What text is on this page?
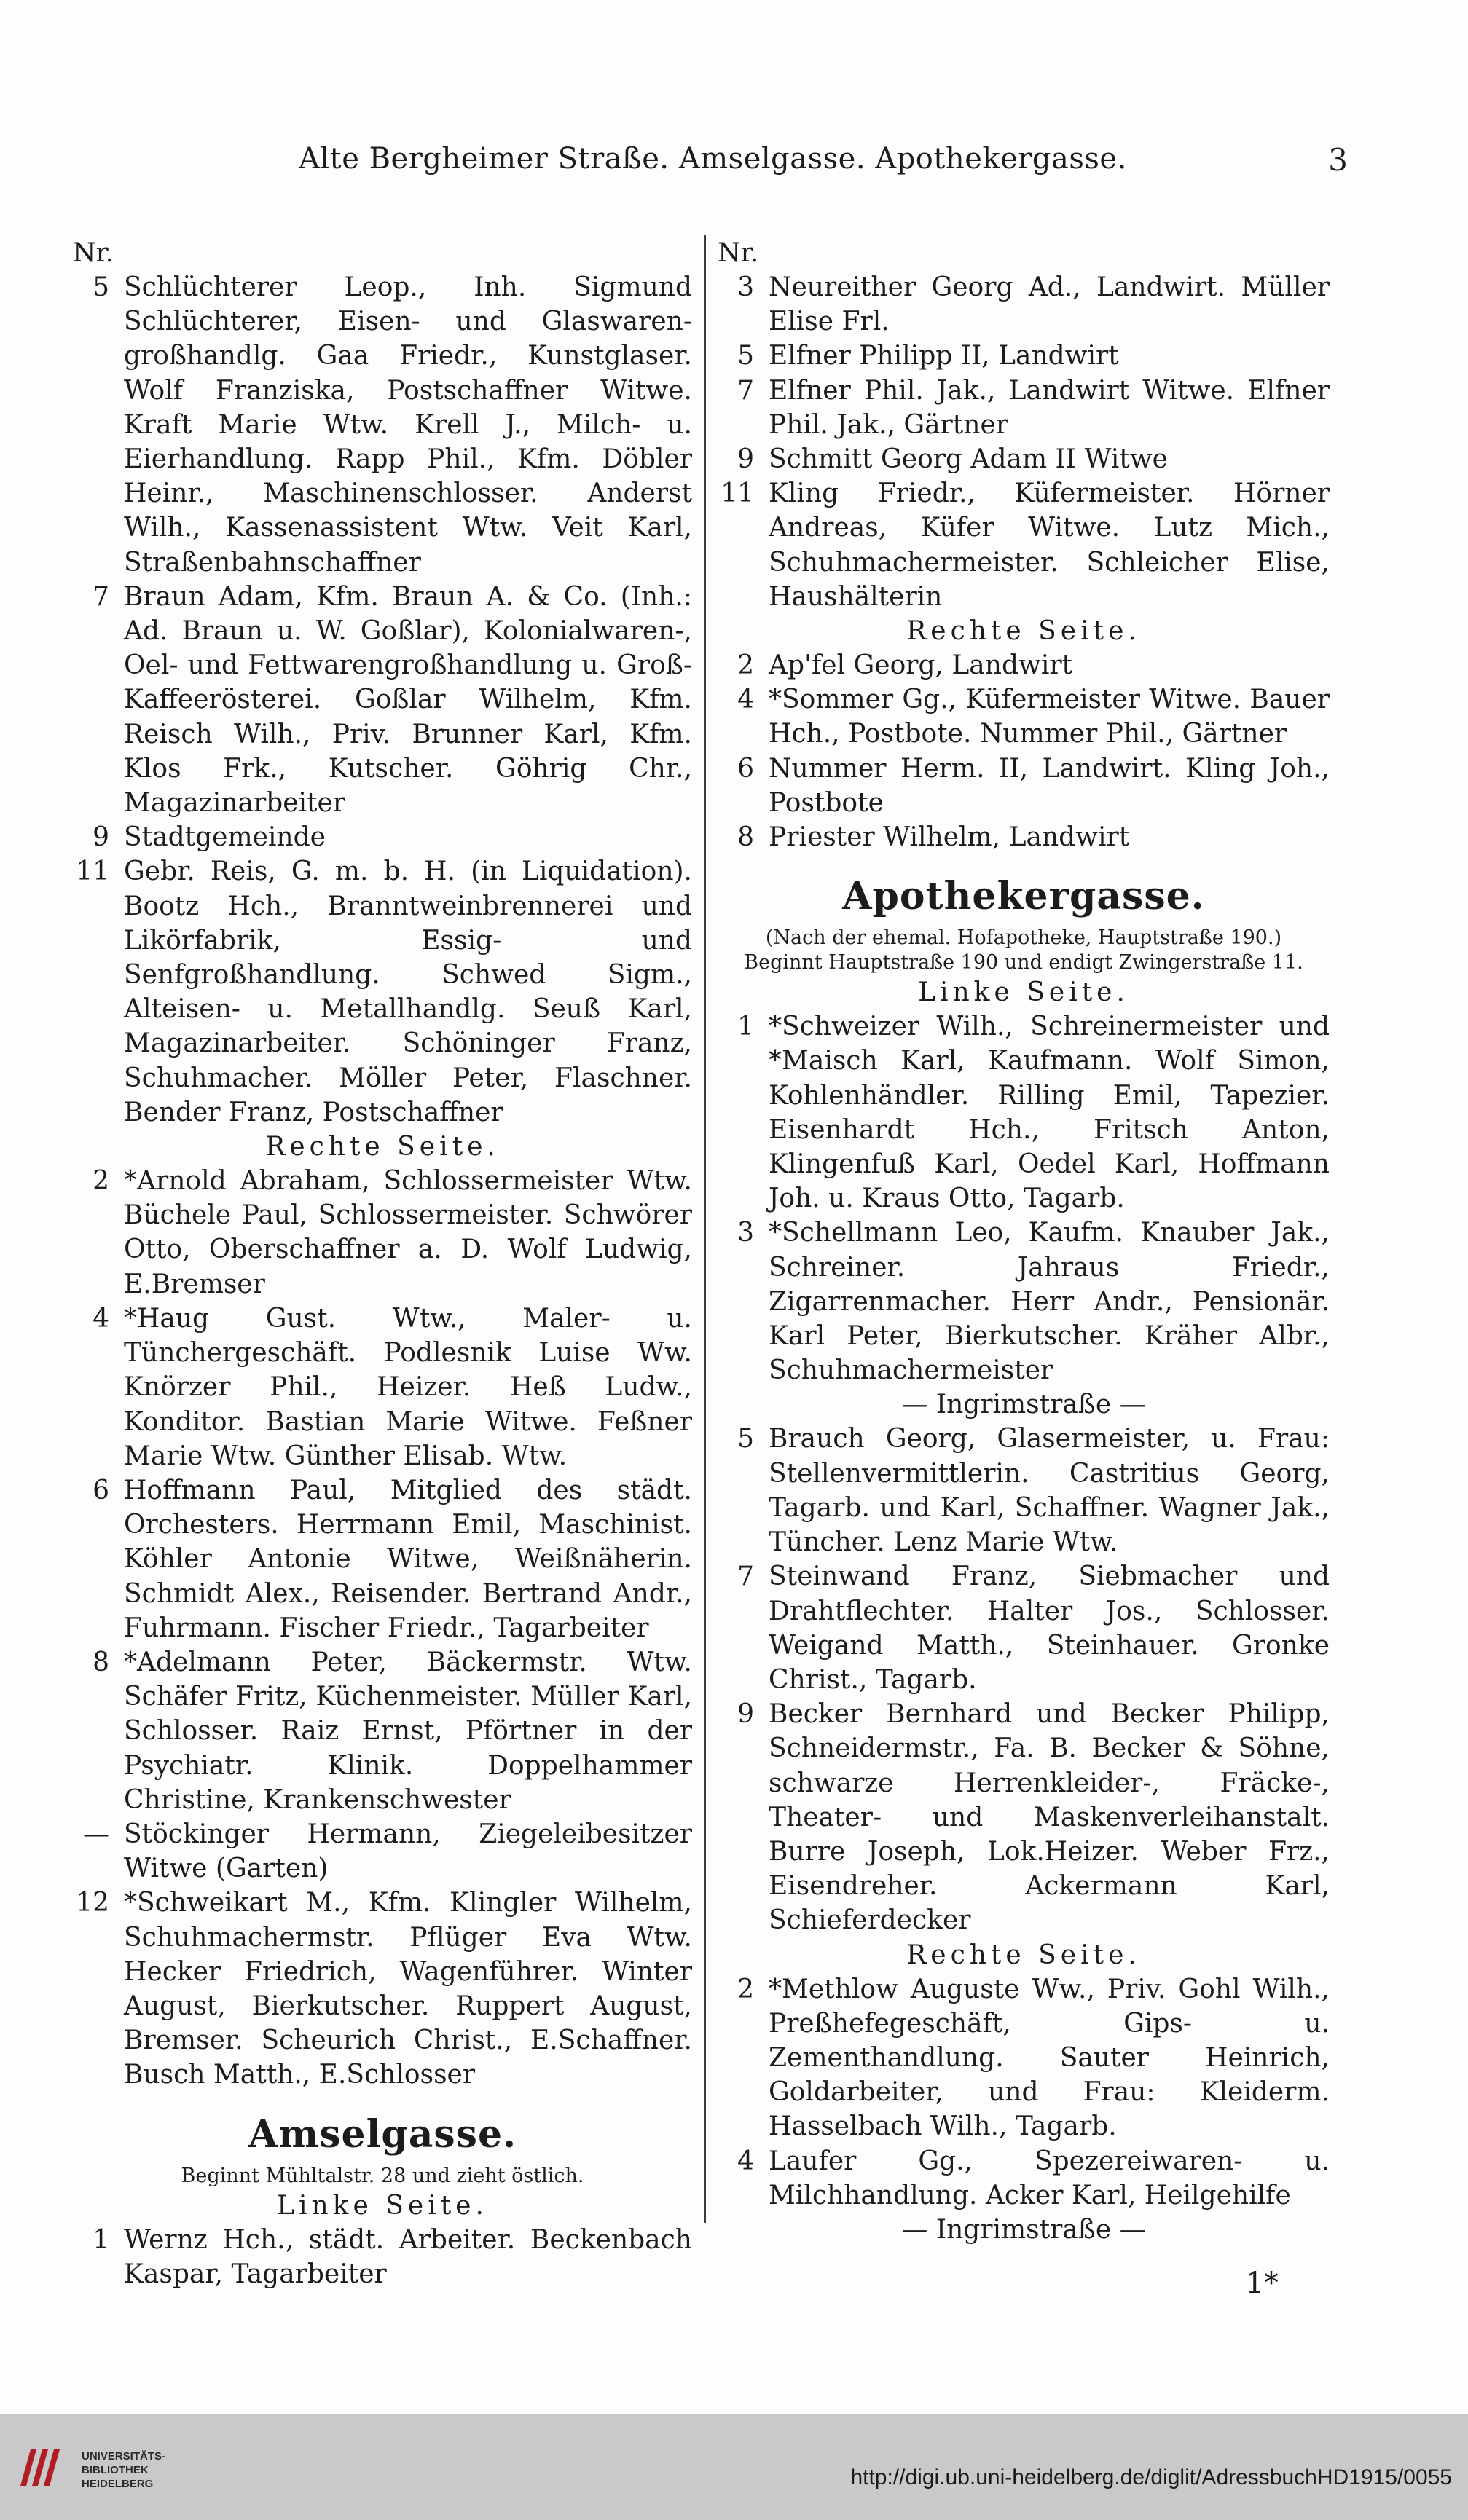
Alte Bergheimer Straße. Amselgasse. Apothekergasse.	3
Nr.
5 Schlüchterer Leop., Inh. Sigmund Schlüchterer, Eisen- und Glaswaren-großhandlg. Gaa Friedr., Kunstglaser. Wolf Franziska, Postschaffner Witwe. Kraft Marie Wtw. Krell J., Milch- u. Eierhandlung. Rapp Phil., Kfm. Döbler Heinr., Maschinenschlosser. Anderst Wilh., Kassenassistent Wtw. Veit Karl, Straßenbahnschaffner
7 Braun Adam, Kfm. Braun A. & Co. (Inh.: Ad. Braun u. W. Goßlar), Kolonialwaren-, Oel- und Fettwarengroßhandlung u. Groß-Kaffeerösterei. Goßlar Wilhelm, Kfm. Reisch Wilh., Priv. Brunner Karl, Kfm. Klos Frk., Kutscher. Göhrig Chr., Magazinarbeiter
9 Stadtgemeinde
11 Gebr. Reis, G. m. b. H. (in Liquidation). Bootz Hch., Branntweinbrennerei und Likörfabrik, Essig- und Senfgroßhandlung. Schwed Sigm., Alteisen- u. Metallhandlg. Seuß Karl, Magazinarbeiter. Schöninger Franz, Schuhmacher. Möller Peter, Flaschner. Bender Franz, Postschaffner
Rechte Seite.
2 *Arnold Abraham, Schlossermeister Wtw. Büchele Paul, Schlossermeister. Schwörer Otto, Oberschaffner a. D. Wolf Ludwig, E.Bremser
4 *Haug Gust. Wtw., Maler- u. Tünchergeschäft. Podlesnik Luise Ww. Knörzer Phil., Heizer. Heß Ludw., Konditor. Bastian Marie Witwe. Feßner Marie Wtw. Günther Elisab. Wtw.
6 Hoffmann Paul, Mitglied des städt. Orchesters. Herrmann Emil, Maschinist. Köhler Antonie Witwe, Weißnäherin. Schmidt Alex., Reisender. Bertrand Andr., Fuhrmann. Fischer Friedr., Tagarbeiter
8 *Adelmann Peter, Bäckermstr. Wtw. Schäfer Fritz, Küchenmeister. Müller Karl, Schlosser. Raiz Ernst, Pförtner in der Psychiatr. Klinik. Doppelhammer Christine, Krankenschwester
— Stöckinger Hermann, Ziegeleibesitzer Witwe (Garten)
12 *Schweikart M., Kfm. Klingler Wilhelm, Schuhmachermstr. Pflüger Eva Wtw. Hecker Friedrich, Wagenführer. Winter August, Bierkutscher. Ruppert August, Bremser. Scheurich Christ., E.Schaffner. Busch Matth., E.Schlosser
Amselgasse.
Beginnt Mühltalstr. 28 und zieht östlich.
Linke Seite.
1 Wernz Hch., städt. Arbeiter. Beckenbach Kaspar, Tagarbeiter
Nr.
3 Neureither Georg Ad., Landwirt. Müller Elise Frl.
5 Elfner Philipp II, Landwirt
7 Elfner Phil. Jak., Landwirt Witwe. Elfner Phil. Jak., Gärtner
9 Schmitt Georg Adam II Witwe
11 Kling Friedr., Küfermeister. Hörner Andreas, Küfer Witwe. Lutz Mich., Schuhmachermeister. Schleicher Elise, Haushälterin
Rechte Seite.
2 Ap'fel Georg, Landwirt
4 *Sommer Gg., Küfermeister Witwe. Bauer Hch., Postbote. Nummer Phil., Gärtner
6 Nummer Herm. II, Landwirt. Kling Joh., Postbote
8 Priester Wilhelm, Landwirt
Apothekergasse.
(Nach der ehemal. Hofapotheke, Hauptstraße 190.)
Beginnt Hauptstraße 190 und endigt Zwingerstraße 11.
Linke Seite.
1 *Schweizer Wilh., Schreinermeister und *Maisch Karl, Kaufmann. Wolf Simon, Kohlenhändler. Rilling Emil, Tapezier. Eisenhardt Hch., Fritsch Anton, Klingenfuß Karl, Oedel Karl, Hoffmann Joh. u. Kraus Otto, Tagarb.
3 *Schellmann Leo, Kaufm. Knauber Jak., Schreiner. Jahraus Friedr., Zigarrenmacher. Herr Andr., Pensionär. Karl Peter, Bierkutscher. Kräher Albr., Schuhmachermeister
— Ingrimstraße —
5 Brauch Georg, Glasermeister, u. Frau: Stellenvermittlerin. Castritius Georg, Tagarb. und Karl, Schaffner. Wagner Jak., Tüncher. Lenz Marie Wtw.
7 Steinwand Franz, Siebmacher und Drahtflechter. Halter Jos., Schlosser. Weigand Matth., Steinhauer. Gronke Christ., Tagarb.
9 Becker Bernhard und Becker Philipp, Schneidermstr., Fa. B. Becker & Söhne, schwarze Herrenkleider-, Fräcke-, Theater- und Maskenverleihanstalt. Burre Joseph, Lok.Heizer. Weber Frz., Eisendreher. Ackermann Karl, Schieferdecker
Rechte Seite.
2 *Methlow Auguste Ww., Priv. Gohl Wilh., Preßhefegeschäft, Gips- u. Zementhandlung. Sauter Heinrich, Goldarbeiter, und Frau: Kleiderm. Hasselbach Wilh., Tagarb.
4 Laufer Gg., Spezereiwaren- u. Milchhandlung. Acker Karl, Heilgehilfe
— Ingrimstraße —
1*
UNIVERSITÄTS-
BIBLIOTHEK
HEIDELBERG	http://digi.ub.uni-heidelberg.de/diglit/AdressbuchHD1915/0055
